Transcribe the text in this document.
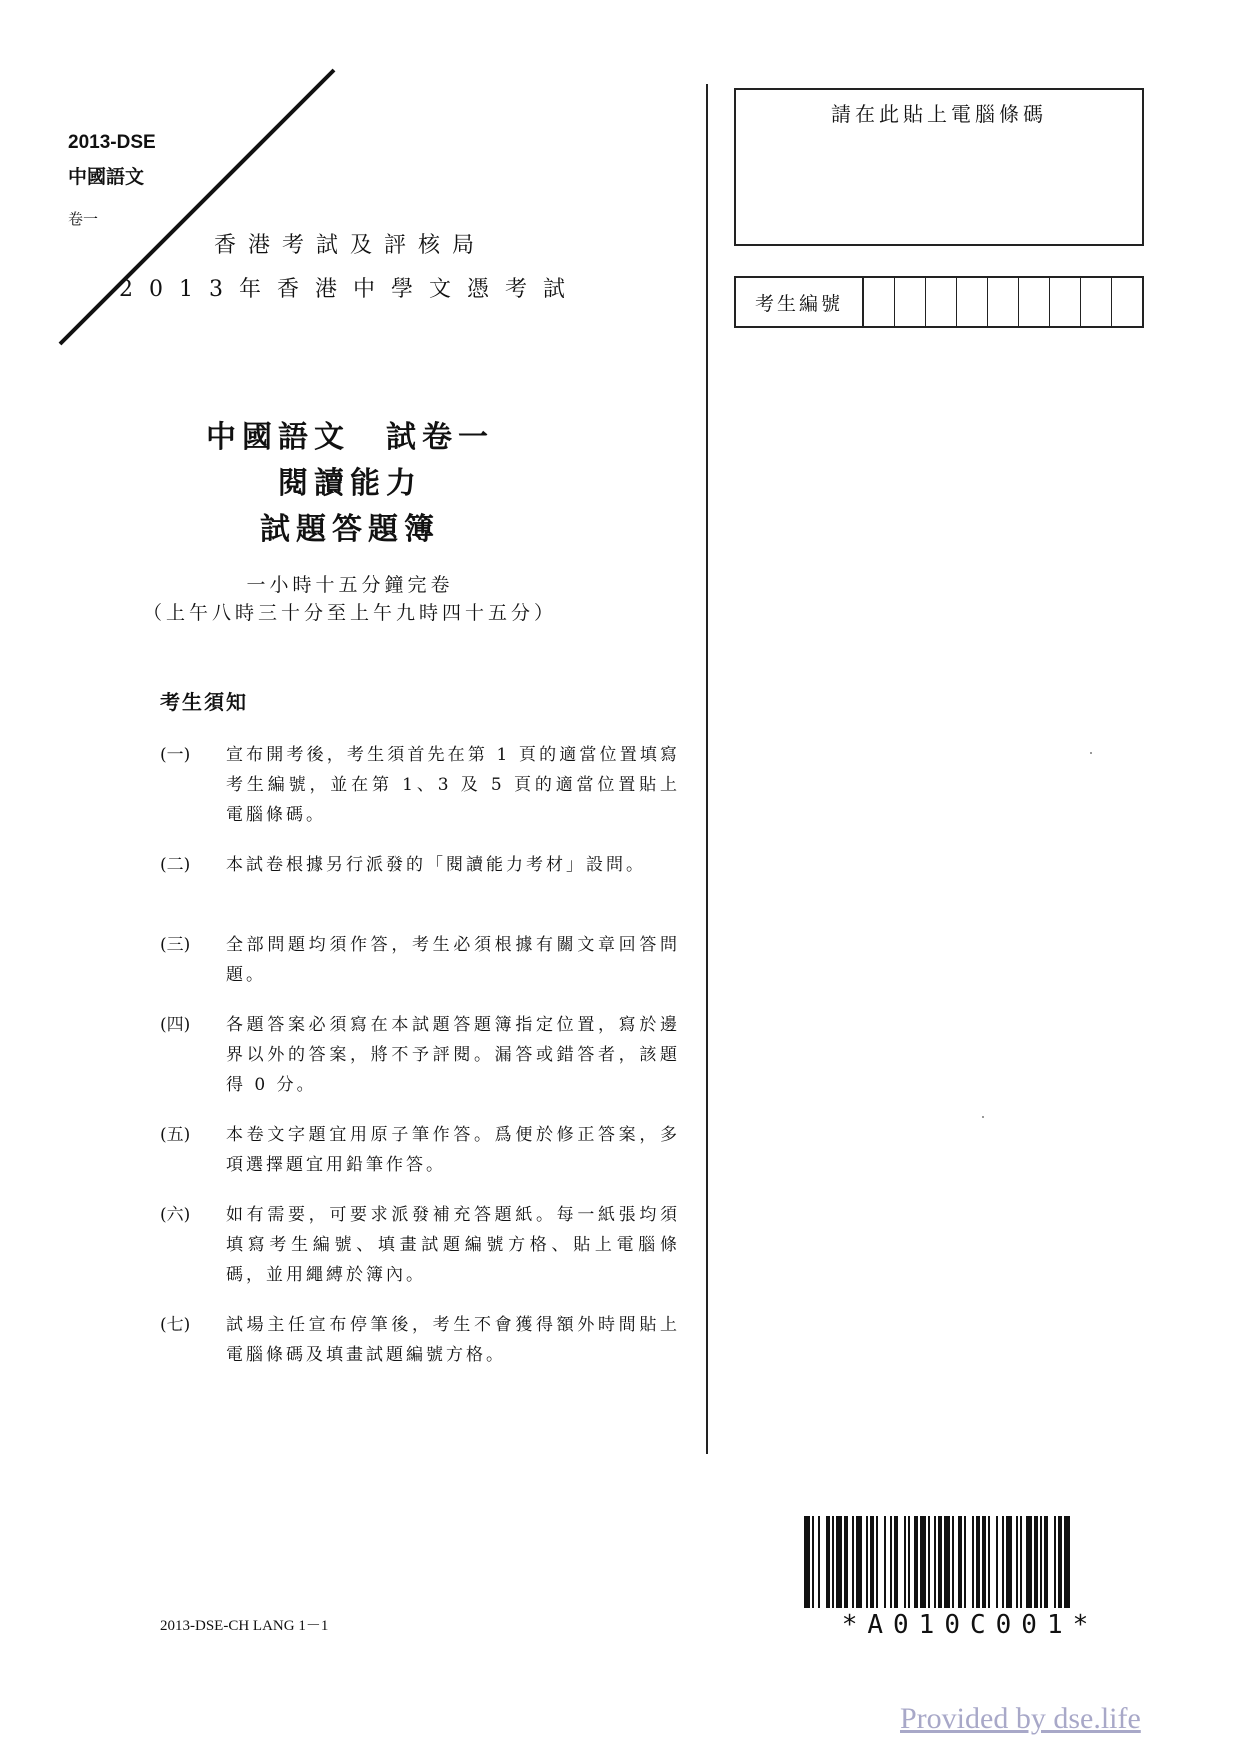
2013-DSE
中國語文
卷一
香港考試及評核局
2013年香港中學文憑考試
中國語文　試卷一
閱讀能力
試題答題簿
一小時十五分鐘完卷
（上午八時三十分至上午九時四十五分）
考生須知
(一)	宣布開考後，考生須首先在第 1 頁的適當位置填寫考生編號，並在第 1、3 及 5 頁的適當位置貼上電腦條碼。
(二)	本試卷根據另行派發的「閱讀能力考材」設問。
(三)	全部問題均須作答，考生必須根據有關文章回答問題。
(四)	各題答案必須寫在本試題答題簿指定位置，寫於邊界以外的答案，將不予評閱。漏答或錯答者，該題得 0 分。
(五)	本卷文字題宜用原子筆作答。爲便於修正答案，多項選擇題宜用鉛筆作答。
(六)	如有需要，可要求派發補充答題紙。每一紙張均須填寫考生編號、填畫試題編號方格、貼上電腦條碼，並用繩縛於簿內。
(七)	試場主任宣布停筆後，考生不會獲得額外時間貼上電腦條碼及填畫試題編號方格。
請在此貼上電腦條碼
考生編號
*A010C001*
2013-DSE-CH LANG 1－1
Provided by dse.life
